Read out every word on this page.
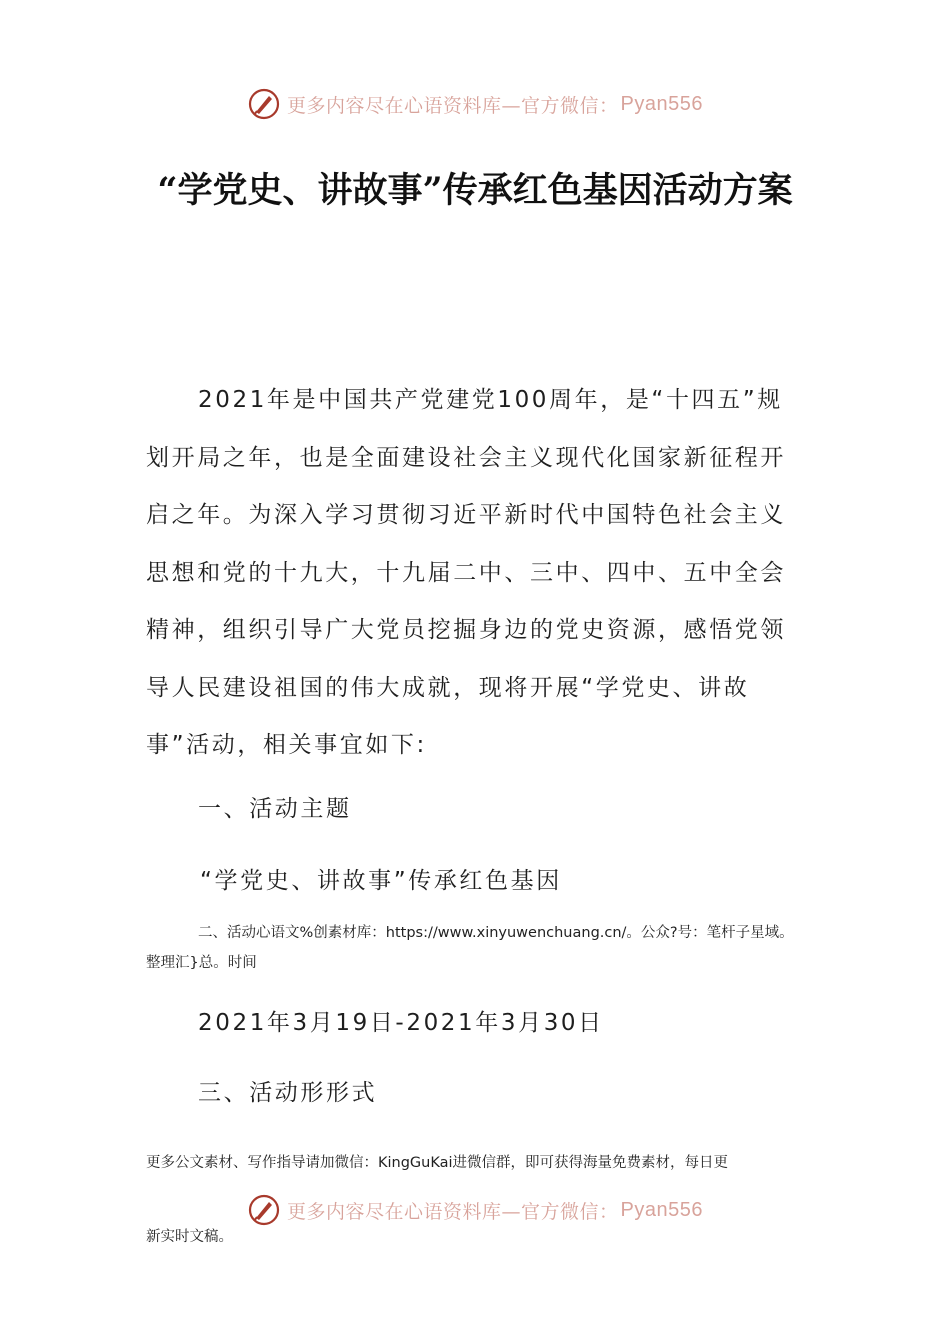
更多内容尽在心语资料库—官方微信： Pyan556
“学党史、讲故事”传承红色基因活动方案
2021年是中国共产党建党100周年，是“十四五”规划开局之年，也是全面建设社会主义现代化国家新征程开启之年。为深入学习贯彻习近平新时代中国特色社会主义思想和党的十九大，十九届二中、三中、四中、五中全会精神，组织引导广大党员挖掘身边的党史资源，感悟党领导人民建设祖国的伟大成就，现将开展“学党史、讲故事”活动，相关事宜如下:
一、活动主题
“学党史、讲故事”传承红色基因
二、活动心语文%创素材库：https://www.xinyuwenchuang.cn/。公众?号：笔杆子星域。整理汇}总。时间
2021年3月19日-2021年3月30日
三、活动形形式
更多公文素材、写作指导请加微信：KingGuKai进微信群，即可获得海量免费素材，每日更
更多内容尽在心语资料库—官方微信： Pyan556
新实时文稿。
